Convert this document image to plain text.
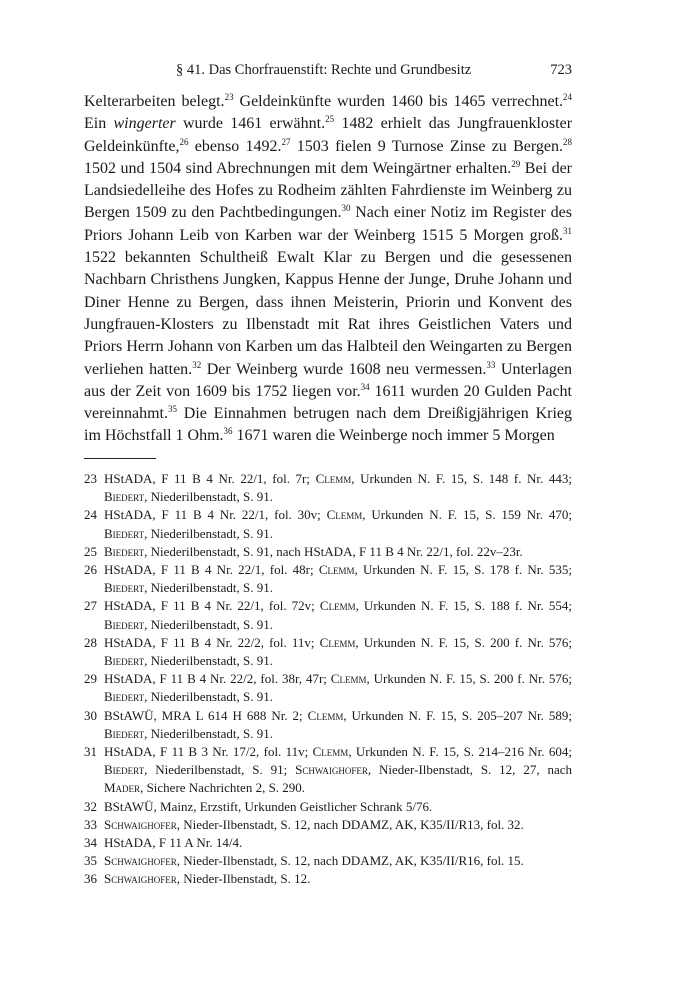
§ 41. Das Chorfrauenstift: Rechte und Grundbesitz	723

Kelterarbeiten belegt.$^{23}$ Geldeinkünfte wurden 1460 bis 1465 verrechnet.$^{24}$ Ein wingerter wurde 1461 erwähnt.$^{25}$ 1482 erhielt das Jungfrauenkloster Geldeinkünfte,$^{26}$ ebenso 1492.27 1503 fielen 9 Turnose Zinse zu Bergen.$^{28}$ 1502 und 1504 sind Abrechnungen mit dem Weingärtner erhalten.$^{29}$ Bei der Landsiedelleihe des Hofes zu Rodheim zählten Fahrdienste im Weinberg zu Bergen 1509 zu den Pachtbedingungen.$^{30}$ Nach einer Notiz im Register des Priors Johann Leib von Karben war der Weinberg 1515 5 Morgen groß.$^{31}$ 1522 bekannten Schultheiß Ewalt Klar zu Bergen und die gesessenen Nachbarn Christhens Jungken, Kappus Henne der Junge, Druhe Johann und Diner Henne zu Bergen, dass ihnen Meisterin, Priorin und Konvent des Jungfrauen-Klosters zu Ilbenstadt mit Rat ihres Geistlichen Vaters und Priors Herrn Johann von Karben um das Halbteil den Weingarten zu Bergen verliehen hatten.$^{32}$ Der Weinberg wurde 1608 neu vermessen.$^{33}$ Unterlagen aus der Zeit von 1609 bis 1752 liegen vor.$^{34}$ 1611 wurden 20 Gulden Pacht vereinnahmt.$^{35}$ Die Einnahmen betrugen nach dem Dreißigjährigen Krieg im Höchstfall 1 Ohm.$^{36}$ 1671 waren die Weinberge noch immer 5 Morgen

23 HStADA, F 11 B 4 Nr. 22/1, fol. 7r; Clemm, Urkunden N. F. 15, S. 148 f. Nr. 443; Biedert, Niederilbenstadt, S. 91.
24 HStADA, F 11 B 4 Nr. 22/1, fol. 30v; Clemm, Urkunden N. F. 15, S. 159 Nr. 470; Biedert, Niederilbenstadt, S. 91.
25 Biedert, Niederilbenstadt, S. 91, nach HStADA, F 11 B 4 Nr. 22/1, fol. 22v–23r.
26 HStADA, F 11 B 4 Nr. 22/1, fol. 48r; Clemm, Urkunden N. F. 15, S. 178 f. Nr. 535; Biedert, Niederilbenstadt, S. 91.
27 HStADA, F 11 B 4 Nr. 22/1, fol. 72v; Clemm, Urkunden N. F. 15, S. 188 f. Nr. 554; Biedert, Niederilbenstadt, S. 91.
28 HStADA, F 11 B 4 Nr. 22/2, fol. 11v; Clemm, Urkunden N. F. 15, S. 200 f. Nr. 576; Biedert, Niederilbenstadt, S. 91.
29 HStADA, F 11 B 4 Nr. 22/2, fol. 38r, 47r; Clemm, Urkunden N. F. 15, S. 200 f. Nr. 576; Biedert, Niederilbenstadt, S. 91.
30 BStAWÜ, MRA L 614 H 688 Nr. 2; Clemm, Urkunden N. F. 15, S. 205–207 Nr. 589; Biedert, Niederilbenstadt, S. 91.
31 HStADA, F 11 B 3 Nr. 17/2, fol. 11v; Clemm, Urkunden N. F. 15, S. 214–216 Nr. 604; Biedert, Niederilbenstadt, S. 91; Schwaighofer, Nieder-Ilbenstadt, S. 12, 27, nach Mader, Sichere Nachrichten 2, S. 290.
32 BStAWÜ, Mainz, Erzstift, Urkunden Geistlicher Schrank 5/76.
33 Schwaighofer, Nieder-Ilbenstadt, S. 12, nach DDAMZ, AK, K35/II/R13, fol. 32.
34 HStADA, F 11 A Nr. 14/4.
35 Schwaighofer, Nieder-Ilbenstadt, S. 12, nach DDAMZ, AK, K35/II/R16, fol. 15.
36 Schwaighofer, Nieder-Ilbenstadt, S. 12.
